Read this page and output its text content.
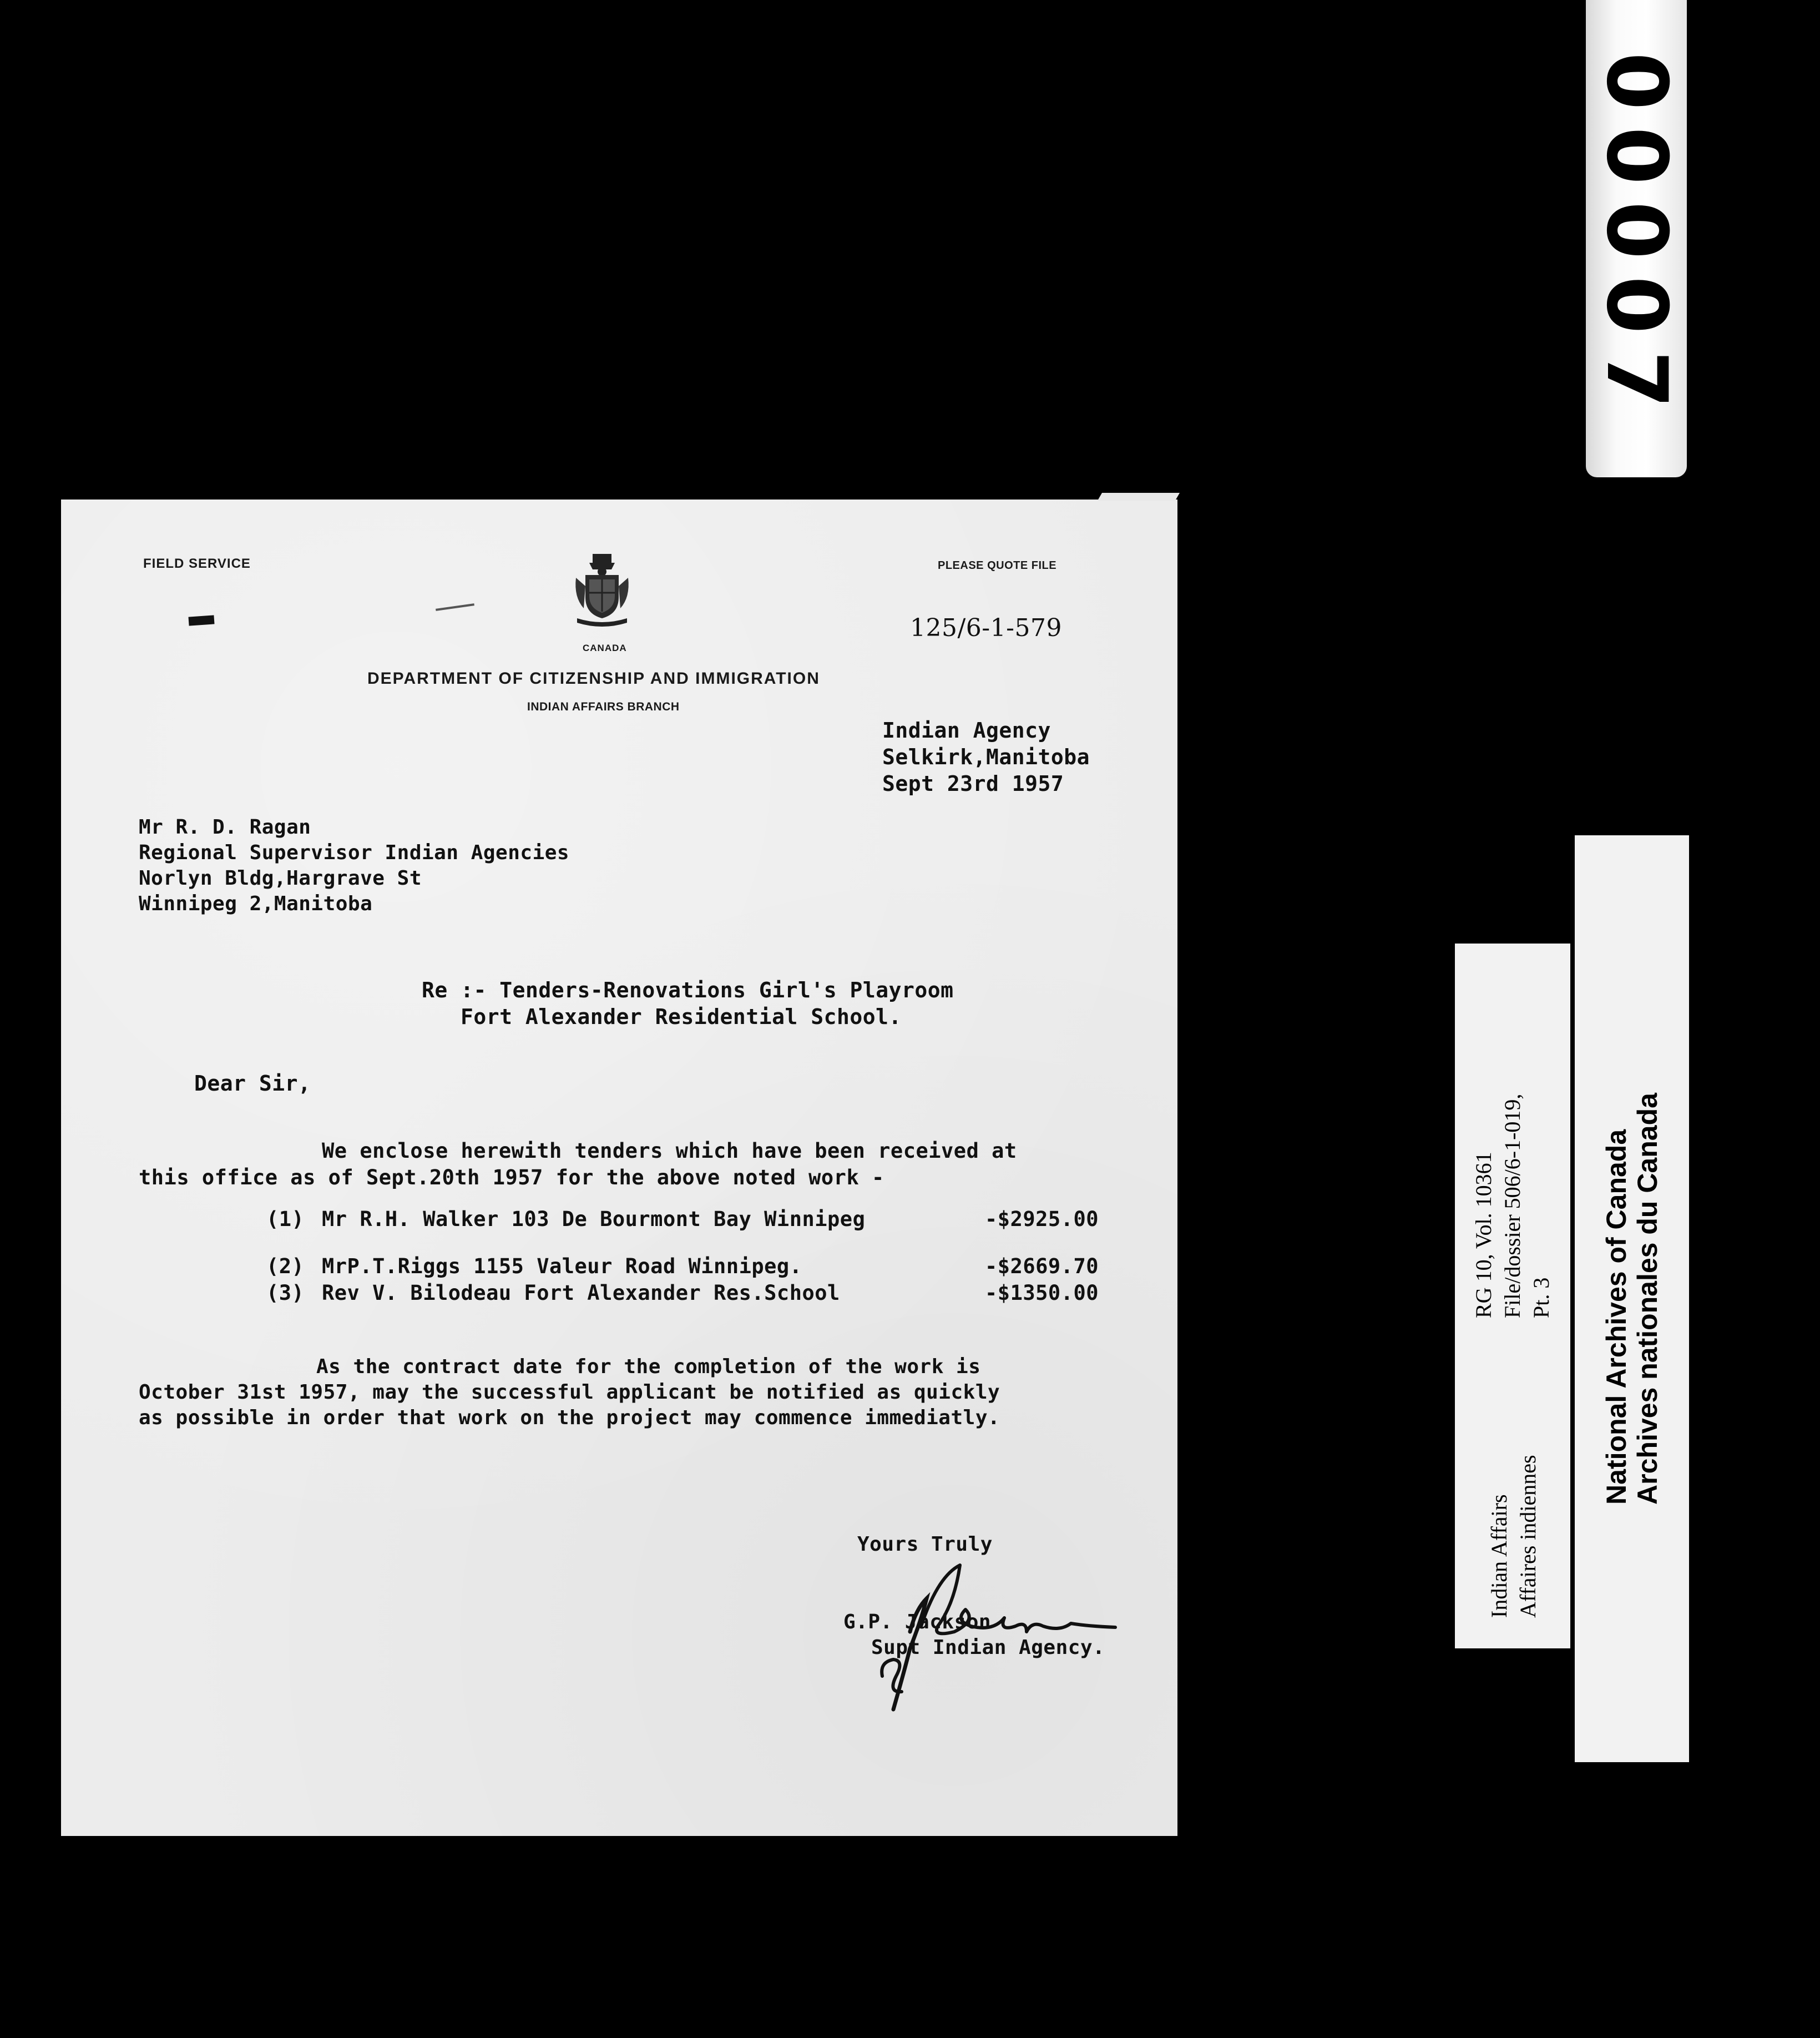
00007
FIELD SERVICE	PLEASE QUOTE FILE
CANADA
DEPARTMENT OF CITIZENSHIP AND IMMIGRATION
INDIAN AFFAIRS BRANCH
125/6-1-579
Indian Agency
Selkirk,Manitoba
Sept 23rd 1957
Mr R. D. Ragan
Regional Supervisor Indian Agencies
Norlyn Bldg,Hargrave St
Winnipeg 2,Manitoba
Re :- Tenders-Renovations Girl's Playroom
Fort Alexander Residential School.
Dear Sir,
We enclose herewith tenders which have been received at
this office as of Sept.20th 1957 for the above noted work -
(1) Mr R.H. Walker 103 De Bourmont Bay Winnipeg	-$2925.00
(2) MrP.T.Riggs 1155 Valeur Road Winnipeg.	-$2669.70
(3) Rev V. Bilodeau Fort Alexander Res.School	-$1350.00
As the contract date for the completion of the work is
October 31st 1957, may the successful applicant be notified as quickly
as possible in order that work on the project may commence immediatly.
Yours Truly
G.P. Jackson
Supt Indian Agency.
Indian Affairs Affaires indiennes
RG 10, Vol. 10361 File/dossier 506/6-1-019, Pt. 3 National Archives of Canada Archives nationales du Canada
